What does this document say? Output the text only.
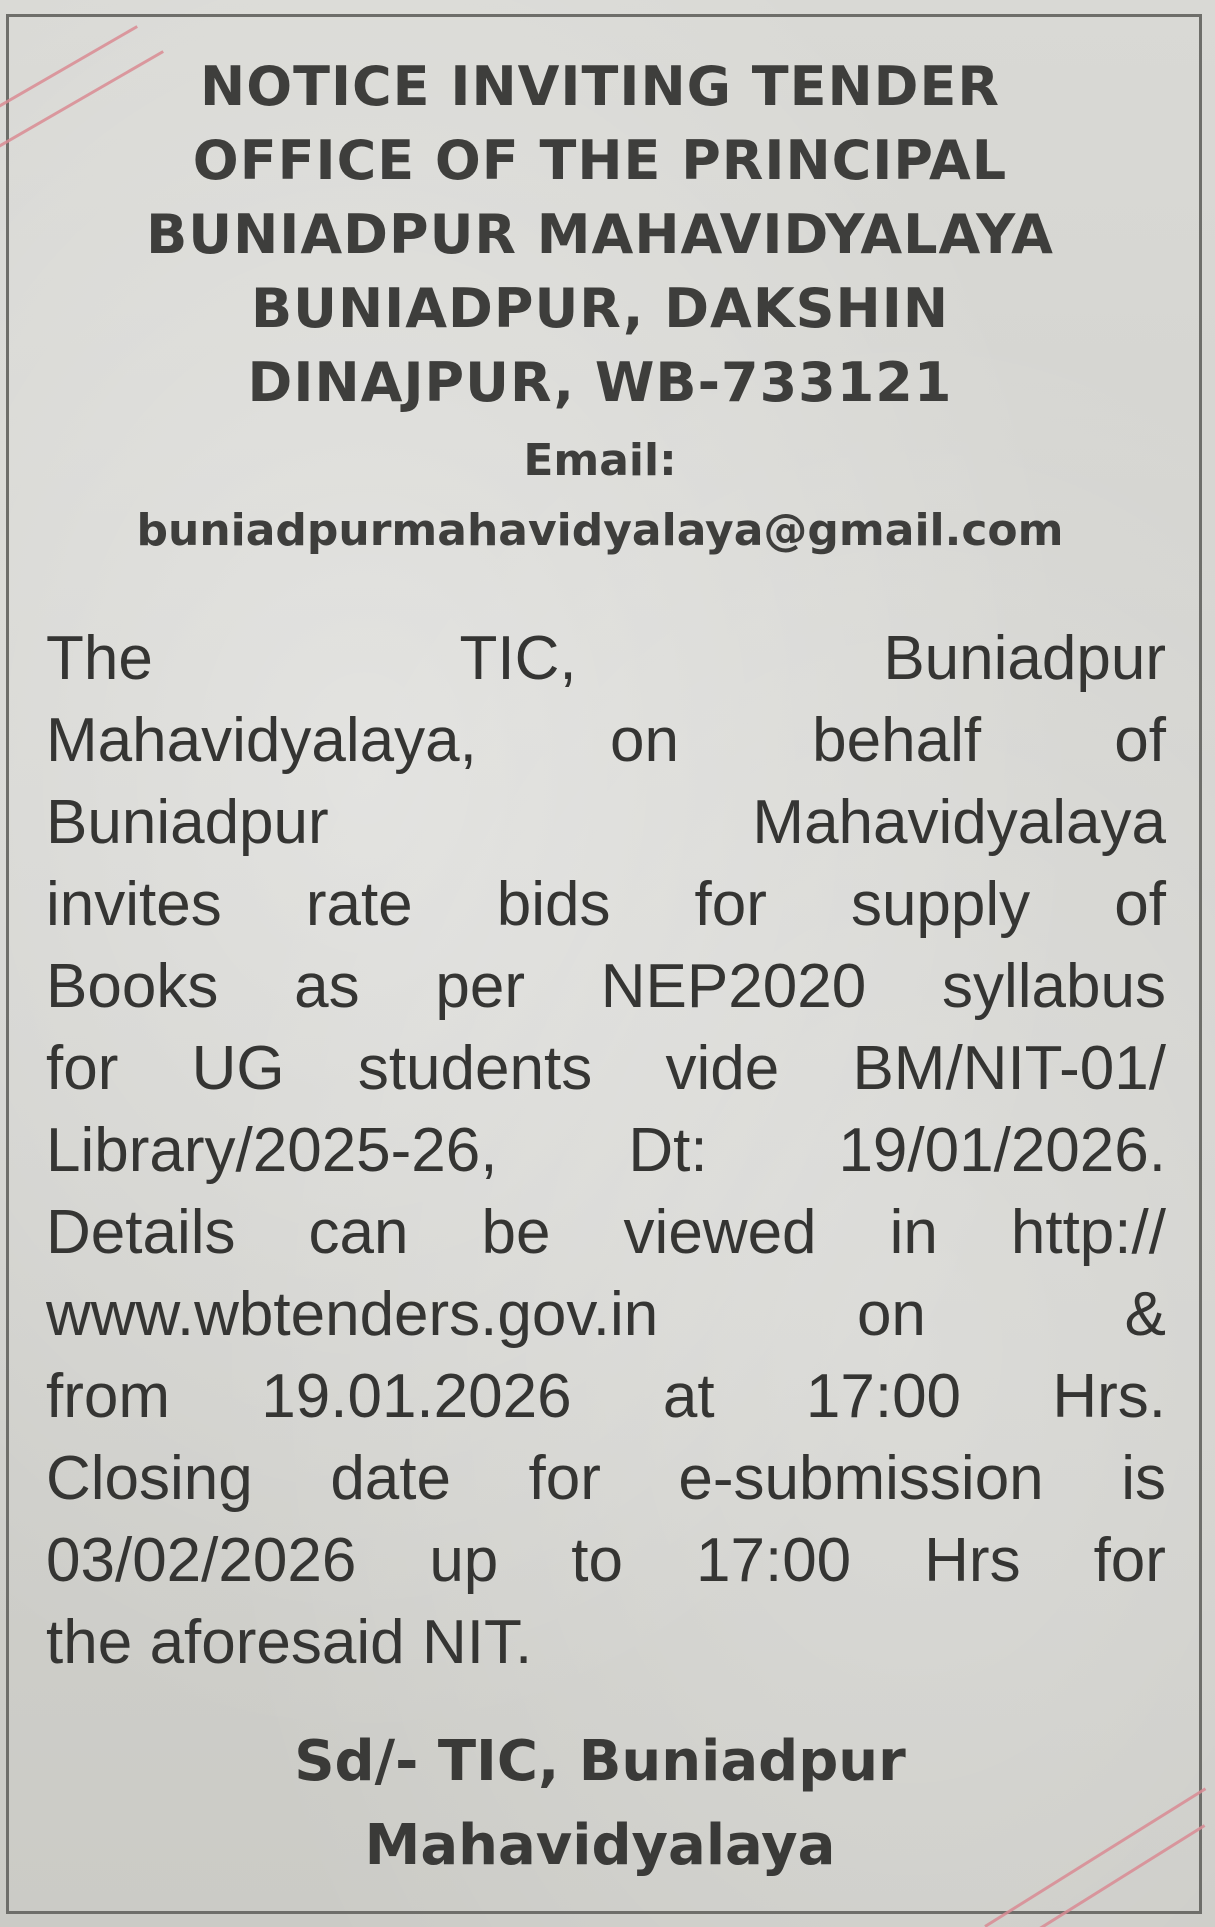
NOTICE INVITING TENDER
OFFICE OF THE PRINCIPAL
BUNIADPUR MAHAVIDYALAYA
BUNIADPUR, DAKSHIN
DINAJPUR, WB-733121
Email:
buniadpurmahavidyalaya@gmail.com
The	TIC,	Buniadpur
Mahavidyalaya, on behalf of
Buniadpur	Mahavidyalaya
invites rate bids for supply of
Books as per NEP2020 syllabus
for UG students vide BM/NIT-01/
Library/2025-26, Dt: 19/01/2026.
Details can be viewed in http://
www.wbtenders.gov.in	on	&
from 19.01.2026 at 17:00 Hrs.
Closing date for e-submission is
03/02/2026 up to 17:00 Hrs for
the aforesaid NIT.
Sd/- TIC, Buniadpur
Mahavidyalaya
